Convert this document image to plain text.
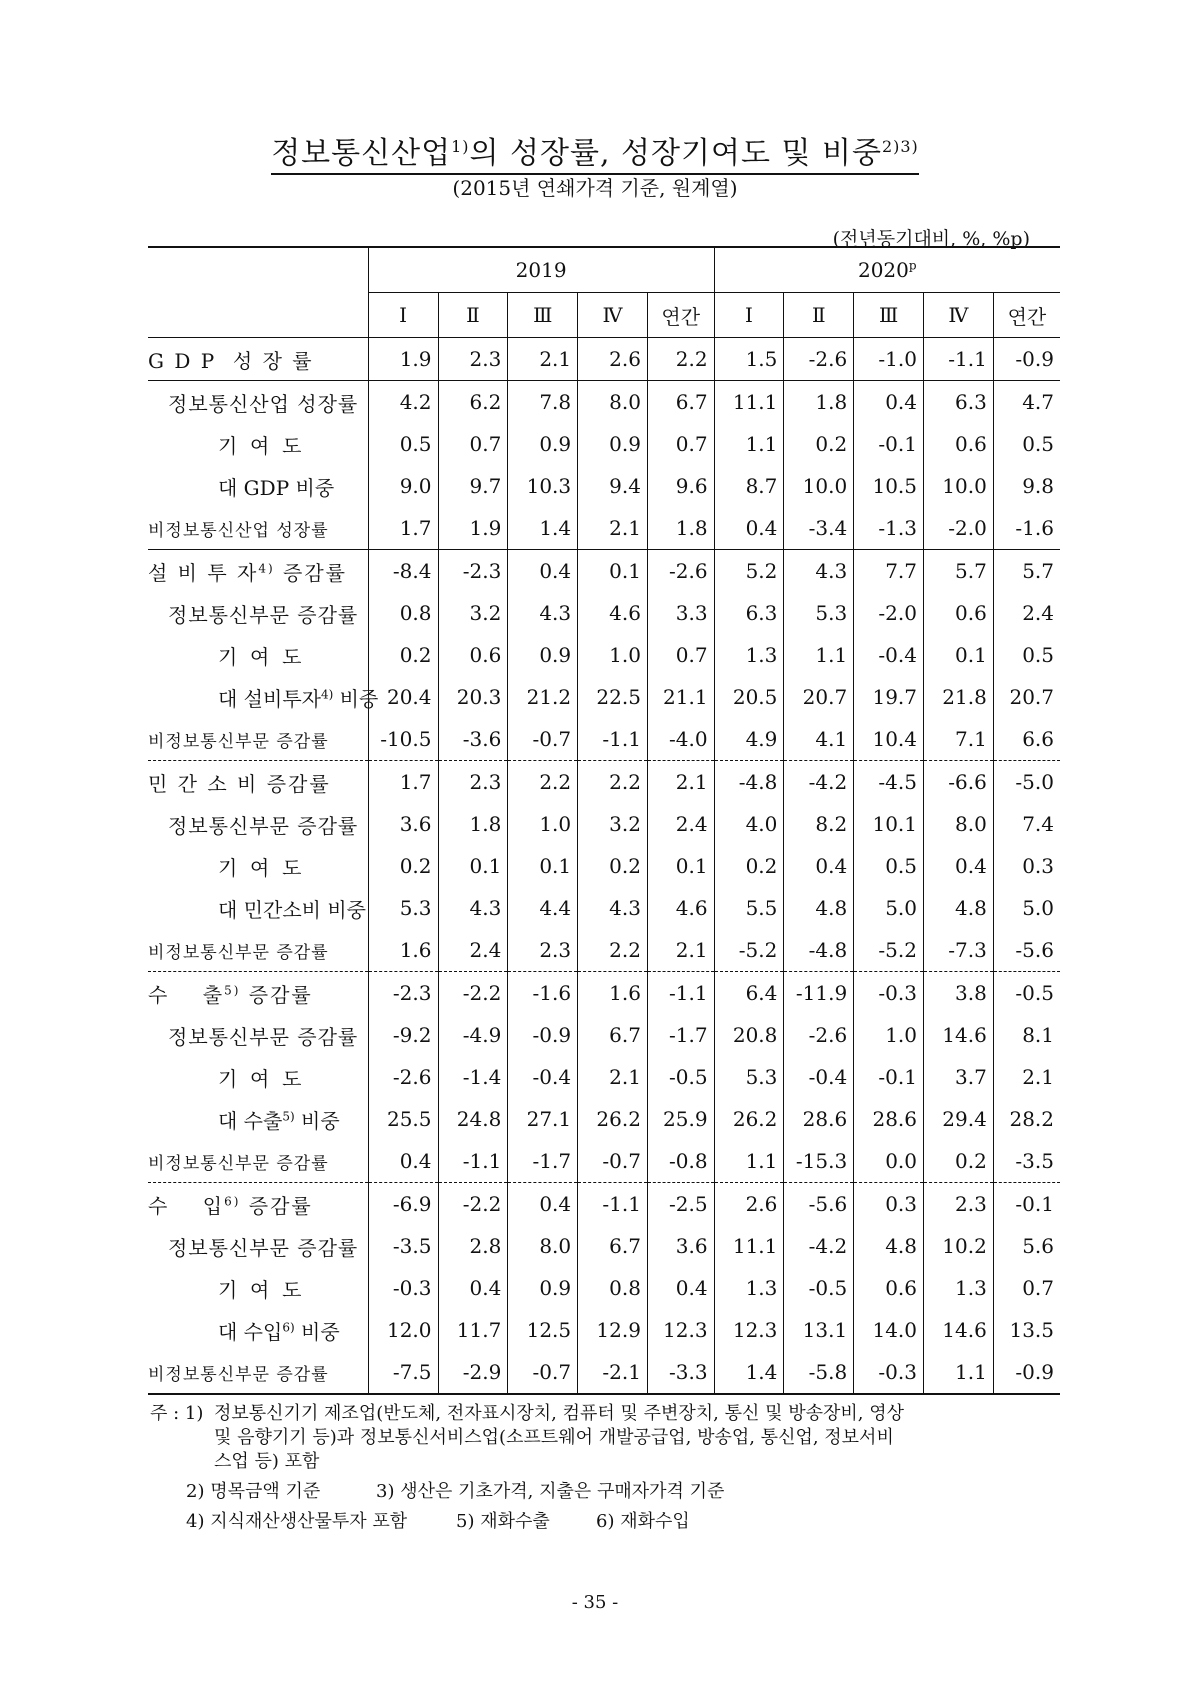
정보통신산업$^{1)}$의 성장률, 성장기여도 및 비중$^{2)3)}$
(2015년 연쇄가격 기준, 원계열)
(전년동기대비, %, %p)
	2019					2020$^p$
	Ⅰ	Ⅱ	Ⅲ	Ⅳ	연간	Ⅰ	Ⅱ	Ⅲ	Ⅳ	연간
G D P  성 장 률	1.9	2.3	2.1	2.6	2.2	1.5	-2.6	-1.0	-1.1	-0.9
정보통신산업 성장률	4.2	6.2	7.8	8.0	6.7	11.1	1.8	0.4	6.3	4.7
기  여  도	0.5	0.7	0.9	0.9	0.7	1.1	0.2	-0.1	0.6	0.5
대 GDP 비중	9.0	9.7	10.3	9.4	9.6	8.7	10.0	10.5	10.0	9.8
비정보통신산업 성장률	1.7	1.9	1.4	2.1	1.8	0.4	-3.4	-1.3	-2.0	-1.6
설 비 투 자$^{4)}$ 증감률	-8.4	-2.3	0.4	0.1	-2.6	5.2	4.3	7.7	5.7	5.7
정보통신부문 증감률	0.8	3.2	4.3	4.6	3.3	6.3	5.3	-2.0	0.6	2.4
기  여  도	0.2	0.6	0.9	1.0	0.7	1.3	1.1	-0.4	0.1	0.5
대 설비투자$^{4)}$ 비중	20.4	20.3	21.2	22.5	21.1	20.5	20.7	19.7	21.8	20.7
비정보통신부문 증감률	-10.5	-3.6	-0.7	-1.1	-4.0	4.9	4.1	10.4	7.1	6.6
민 간 소 비 증감률	1.7	2.3	2.2	2.2	2.1	-4.8	-4.2	-4.5	-6.6	-5.0
정보통신부문 증감률	3.6	1.8	1.0	3.2	2.4	4.0	8.2	10.1	8.0	7.4
기  여  도	0.2	0.1	0.1	0.2	0.1	0.2	0.4	0.5	0.4	0.3
대 민간소비 비중	5.3	4.3	4.4	4.3	4.6	5.5	4.8	5.0	4.8	5.0
비정보통신부문 증감률	1.6	2.4	2.3	2.2	2.1	-5.2	-4.8	-5.2	-7.3	-5.6
수    출$^{5)}$ 증감률	-2.3	-2.2	-1.6	1.6	-1.1	6.4	-11.9	-0.3	3.8	-0.5
정보통신부문 증감률	-9.2	-4.9	-0.9	6.7	-1.7	20.8	-2.6	1.0	14.6	8.1
기  여  도	-2.6	-1.4	-0.4	2.1	-0.5	5.3	-0.4	-0.1	3.7	2.1
대 수출$^{5)}$ 비중	25.5	24.8	27.1	26.2	25.9	26.2	28.6	28.6	29.4	28.2
비정보통신부문 증감률	0.4	-1.1	-1.7	-0.7	-0.8	1.1	-15.3	0.0	0.2	-3.5
수    입$^{6)}$ 증감률	-6.9	-2.2	0.4	-1.1	-2.5	2.6	-5.6	0.3	2.3	-0.1
정보통신부문 증감률	-3.5	2.8	8.0	6.7	3.6	11.1	-4.2	4.8	10.2	5.6
기  여  도	-0.3	0.4	0.9	0.8	0.4	1.3	-0.5	0.6	1.3	0.7
대 수입$^{6)}$ 비중	12.0	11.7	12.5	12.9	12.3	12.3	13.1	14.0	14.6	13.5
비정보통신부문 증감률	-7.5	-2.9	-0.7	-2.1	-3.3	1.4	-5.8	-0.3	1.1	-0.9
주 : 1) 정보통신기기 제조업(반도체, 전자표시장치, 컴퓨터 및 주변장치, 통신 및 방송장비, 영상
및 음향기기 등)과 정보통신서비스업(소프트웨어 개발공급업, 방송업, 통신업, 정보서비
스업 등) 포함
2) 명목금액 기준	3) 생산은 기초가격, 지출은 구매자가격 기준
4) 지식재산생산물투자 포함	5) 재화수출	6) 재화수입
- 35 -
